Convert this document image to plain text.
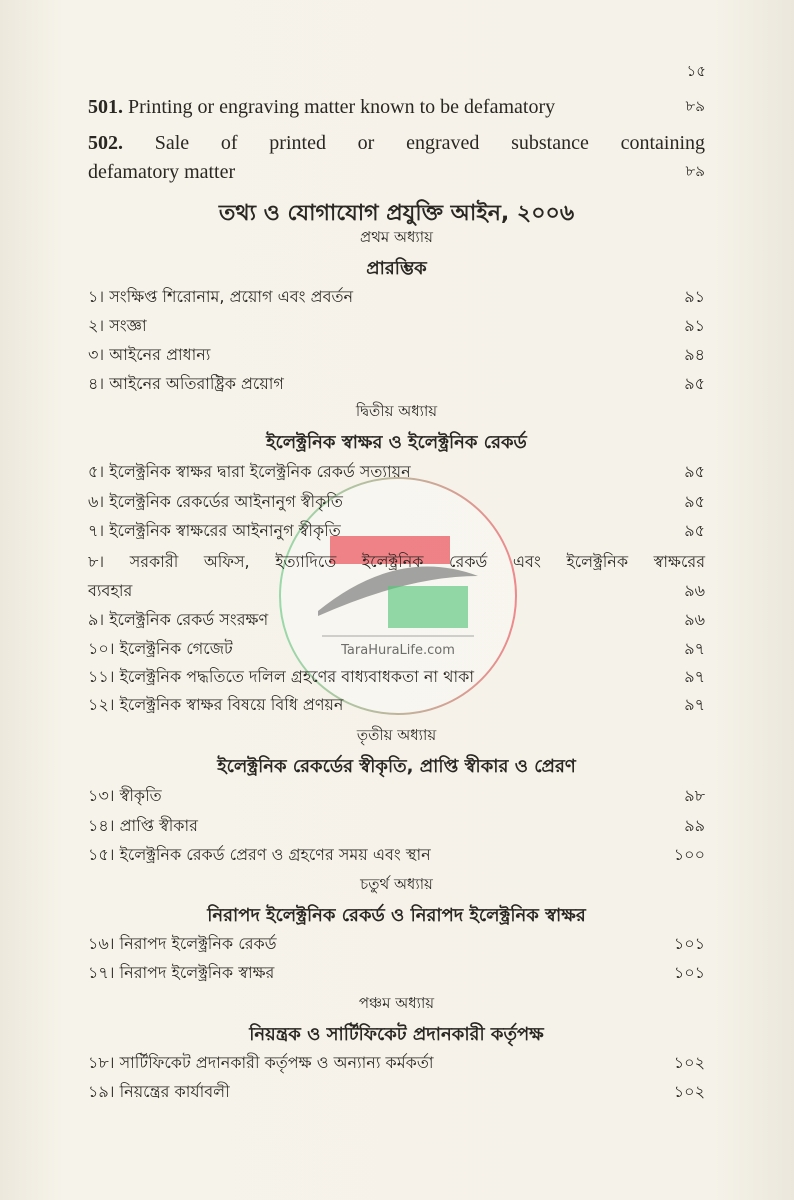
TaraHuraLife.com
১৫
501. Printing or engraving matter known to be defamatory	৮৯
502. Sale of printed or engraved substance containing
defamatory matter	৮৯
তথ্য ও যোগাযোগ প্রযুক্তি আইন, ২০০৬
প্রথম অধ্যায়
প্রারম্ভিক
১। সংক্ষিপ্ত শিরোনাম, প্রয়োগ এবং প্রবর্তন	৯১
২। সংজ্ঞা	৯১
৩। আইনের প্রাধান্য	৯৪
৪। আইনের অতিরাষ্ট্রিক প্রয়োগ	৯৫
দ্বিতীয় অধ্যায়
ইলেক্ট্রনিক স্বাক্ষর ও ইলেক্ট্রনিক রেকর্ড
৫। ইলেক্ট্রনিক স্বাক্ষর দ্বারা ইলেক্ট্রনিক রেকর্ড সত্যায়ন	৯৫
৬। ইলেক্ট্রনিক রেকর্ডের আইনানুগ স্বীকৃতি	৯৫
৭। ইলেক্ট্রনিক স্বাক্ষরের আইনানুগ স্বীকৃতি	৯৫
৮। সরকারী অফিস, ইত্যাদিতে ইলেক্ট্রনিক রেকর্ড এবং ইলেক্ট্রনিক স্বাক্ষরের
ব্যবহার	৯৬
৯। ইলেক্ট্রনিক রেকর্ড সংরক্ষণ	৯৬
১০। ইলেক্ট্রনিক গেজেট	৯৭
১১। ইলেক্ট্রনিক পদ্ধতিতে দলিল গ্রহণের বাধ্যবাধকতা না থাকা	৯৭
১২। ইলেক্ট্রনিক স্বাক্ষর বিষয়ে বিধি প্রণয়ন	৯৭
তৃতীয় অধ্যায়
ইলেক্ট্রনিক রেকর্ডের স্বীকৃতি, প্রাপ্তি স্বীকার ও প্রেরণ
১৩। স্বীকৃতি	৯৮
১৪। প্রাপ্তি স্বীকার	৯৯
১৫। ইলেক্ট্রনিক রেকর্ড প্রেরণ ও গ্রহণের সময় এবং স্থান	১০০
চতুর্থ অধ্যায়
নিরাপদ ইলেক্ট্রনিক রেকর্ড ও নিরাপদ ইলেক্ট্রনিক স্বাক্ষর
১৬। নিরাপদ ইলেক্ট্রনিক রেকর্ড	১০১
১৭। নিরাপদ ইলেক্ট্রনিক স্বাক্ষর	১০১
পঞ্চম অধ্যায়
নিয়ন্ত্রক ও সার্টিফিকেট প্রদানকারী কর্তৃপক্ষ
১৮। সার্টিফিকেট প্রদানকারী কর্তৃপক্ষ ও অন্যান্য কর্মকর্তা	১০২
১৯। নিয়ন্ত্রের কার্যাবলী	১০২
